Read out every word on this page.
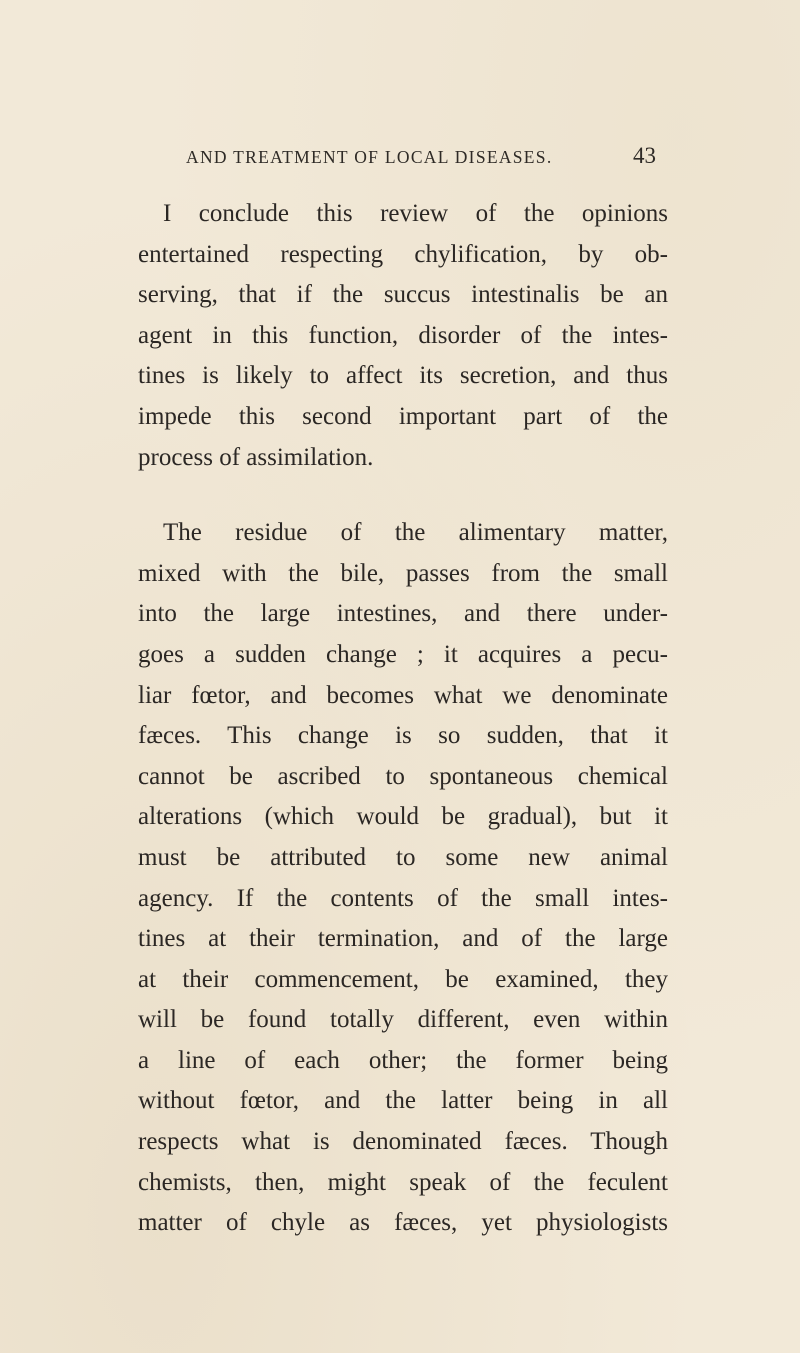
AND TREATMENT OF LOCAL DISEASES.	43

I conclude this review of the opinions
entertained respecting chylification, by ob-
serving, that if the succus intestinalis be an
agent in this function, disorder of the intes-
tines is likely to affect its secretion, and thus
impede this second important part of the
process of assimilation.

The residue of the alimentary matter,
mixed with the bile, passes from the small
into the large intestines, and there under-
goes a sudden change ; it acquires a pecu-
liar fœtor, and becomes what we denominate
fæces. This change is so sudden, that it
cannot be ascribed to spontaneous chemical
alterations (which would be gradual), but it
must be attributed to some new animal
agency. If the contents of the small intes-
tines at their termination, and of the large
at their commencement, be examined, they
will be found totally different, even within
a line of each other; the former being
without fœtor, and the latter being in all
respects what is denominated fæces. Though
chemists, then, might speak of the feculent
matter of chyle as fæces, yet physiologists
